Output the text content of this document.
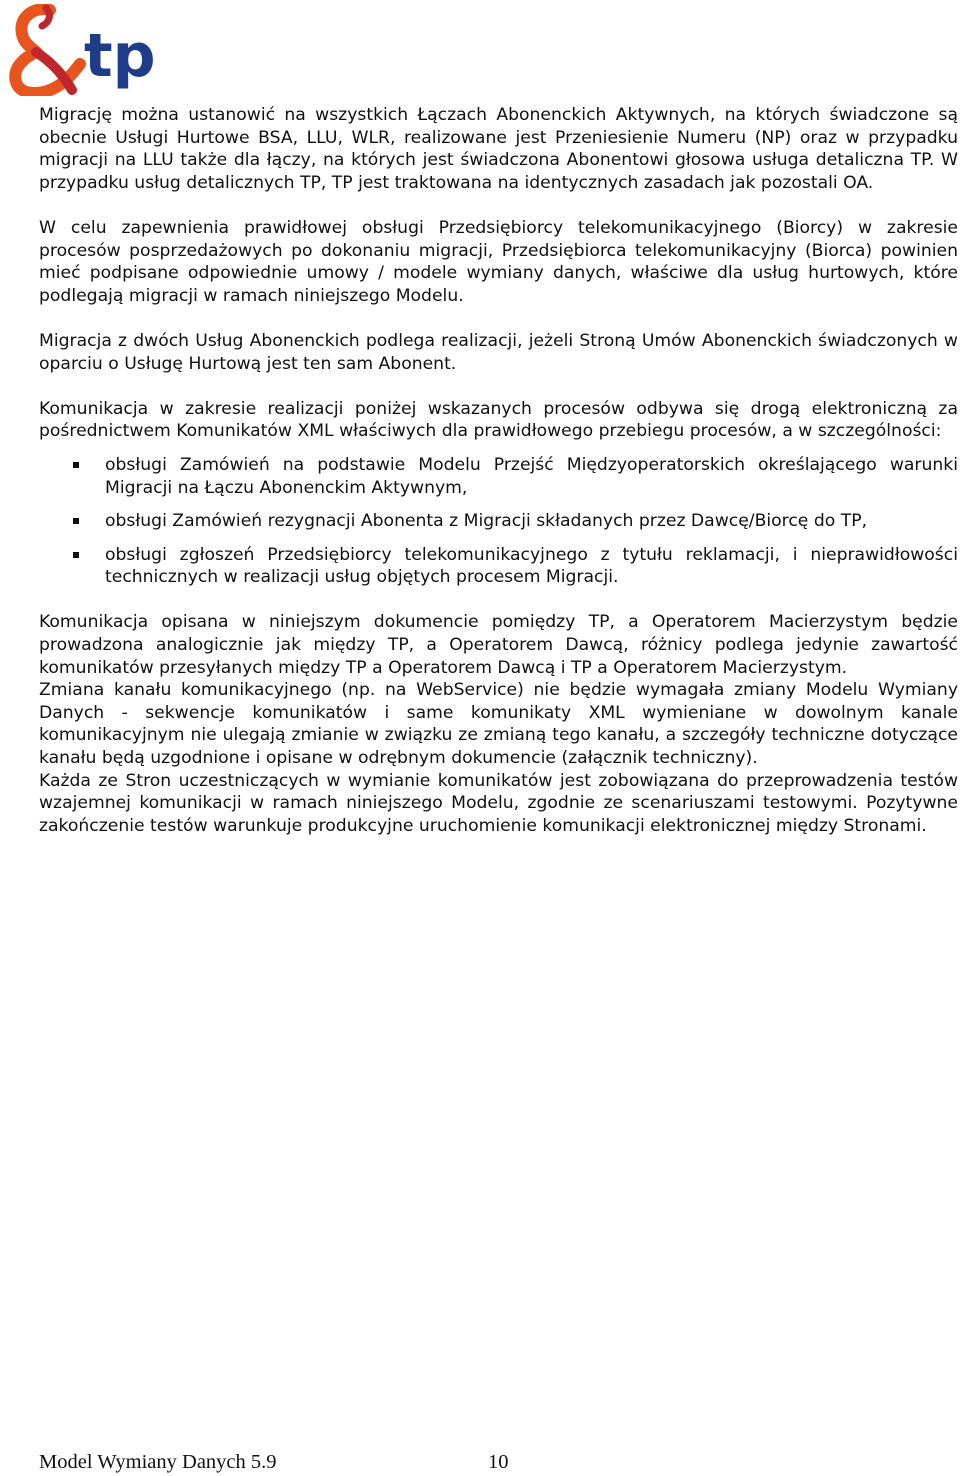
tp

Migrację można ustanowić na wszystkich Łączach Abonenckich Aktywnych, na których świadczone są obecnie Usługi Hurtowe BSA, LLU, WLR, realizowane jest Przeniesienie Numeru (NP) oraz w przypadku migracji na LLU także dla łączy, na których jest świadczona Abonentowi głosowa usługa detaliczna TP. W przypadku usług detalicznych TP, TP jest traktowana na identycznych zasadach jak pozostali OA.

W celu zapewnienia prawidłowej obsługi Przedsiębiorcy telekomunikacyjnego (Biorcy) w zakresie procesów posprzedażowych po dokonaniu migracji, Przedsiębiorca telekomunikacyjny (Biorca) powinien mieć podpisane odpowiednie umowy / modele wymiany danych, właściwe dla usług hurtowych, które podlegają migracji w ramach niniejszego Modelu.

Migracja z dwóch Usług Abonenckich podlega realizacji, jeżeli Stroną Umów Abonenckich świadczonych w oparciu o Usługę Hurtową jest ten sam Abonent.

Komunikacja w zakresie realizacji poniżej wskazanych procesów odbywa się drogą elektroniczną za pośrednictwem Komunikatów XML właściwych dla prawidłowego przebiegu procesów, a w szczególności:

obsługi Zamówień na podstawie Modelu Przejść Międzyoperatorskich określającego warunki Migracji na Łączu Abonenckim Aktywnym,
obsługi Zamówień rezygnacji Abonenta z Migracji składanych przez Dawcę/Biorcę do TP,
obsługi zgłoszeń Przedsiębiorcy telekomunikacyjnego z tytułu reklamacji, i nieprawidłowości technicznych w realizacji usług objętych procesem Migracji.

Komunikacja opisana w niniejszym dokumencie pomiędzy TP, a Operatorem Macierzystym będzie prowadzona analogicznie jak między TP, a Operatorem Dawcą, różnicy podlega jedynie zawartość komunikatów przesyłanych między TP a Operatorem Dawcą i TP a Operatorem Macierzystym.

Zmiana kanału komunikacyjnego (np. na WebService) nie będzie wymagała zmiany Modelu Wymiany Danych - sekwencje komunikatów i same komunikaty XML wymieniane w dowolnym kanale komunikacyjnym nie ulegają zmianie w związku ze zmianą tego kanału, a szczegóły techniczne dotyczące kanału będą uzgodnione i opisane w odrębnym dokumencie (załącznik techniczny).

Każda ze Stron uczestniczących w wymianie komunikatów jest zobowiązana do przeprowadzenia testów wzajemnej komunikacji w ramach niniejszego Modelu, zgodnie ze scenariuszami testowymi. Pozytywne zakończenie testów warunkuje produkcyjne uruchomienie komunikacji elektronicznej między Stronami.

Model Wymiany Danych 5.9	10
